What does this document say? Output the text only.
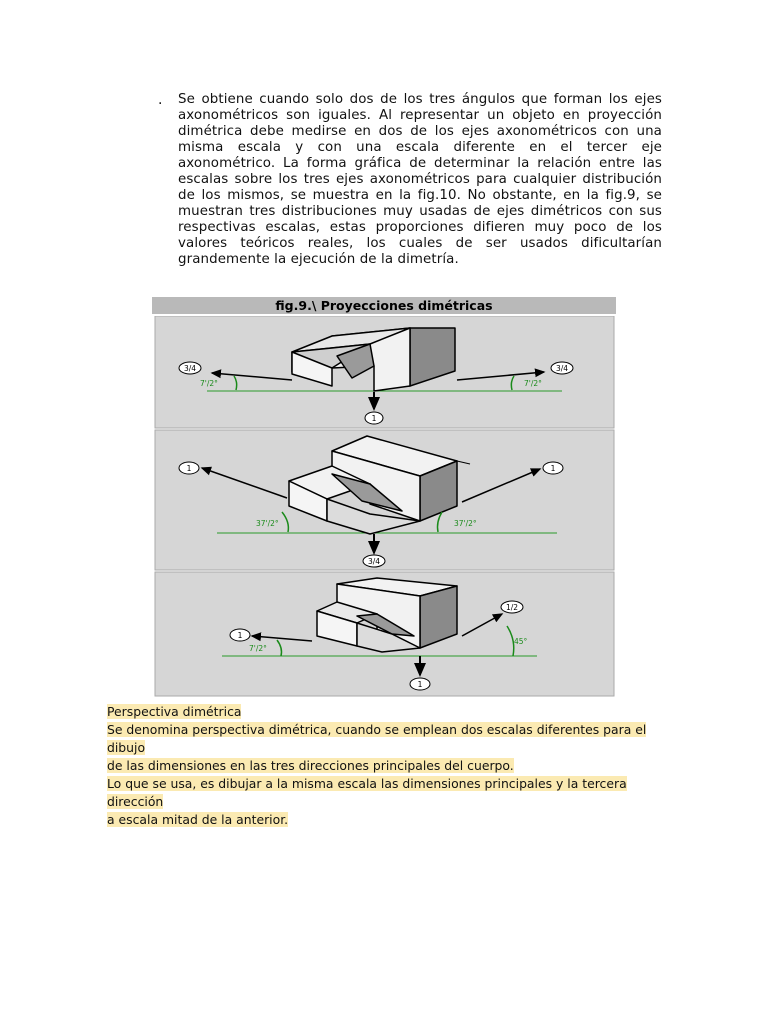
. Se obtiene cuando solo dos de los tres ángulos que forman los ejes axonométricos son iguales. Al representar un objeto en proyección dimétrica debe medirse en dos de los ejes axonométricos con una misma escala y con una escala diferente en el tercer eje axonométrico. La forma gráfica de determinar la relación entre las escalas sobre los tres ejes axonométricos para cualquier distribución de los mismos, se muestra en la fig.10. No obstante, en la fig.9, se muestran tres distribuciones muy usadas de ejes dimétricos con sus respectivas escalas, estas proporciones difieren muy poco de los valores teóricos reales, los cuales de ser usados dificultarían grandemente la ejecución de la dimetría.

fig.9.\ Proyecciones dimétricas
3/4	3/4
1
7'/2°	7'/2°
1	1
3/4
37'/2°	37'/2°
1
1/2
1
7'/2°
45°
Perspectiva dimétrica
Se denomina perspectiva dimétrica, cuando se emplean dos escalas diferentes para el dibujo
de las dimensiones en las tres direcciones principales del cuerpo.
Lo que se usa, es dibujar a la misma escala las dimensiones principales y la tercera dirección
a escala mitad de la anterior.
